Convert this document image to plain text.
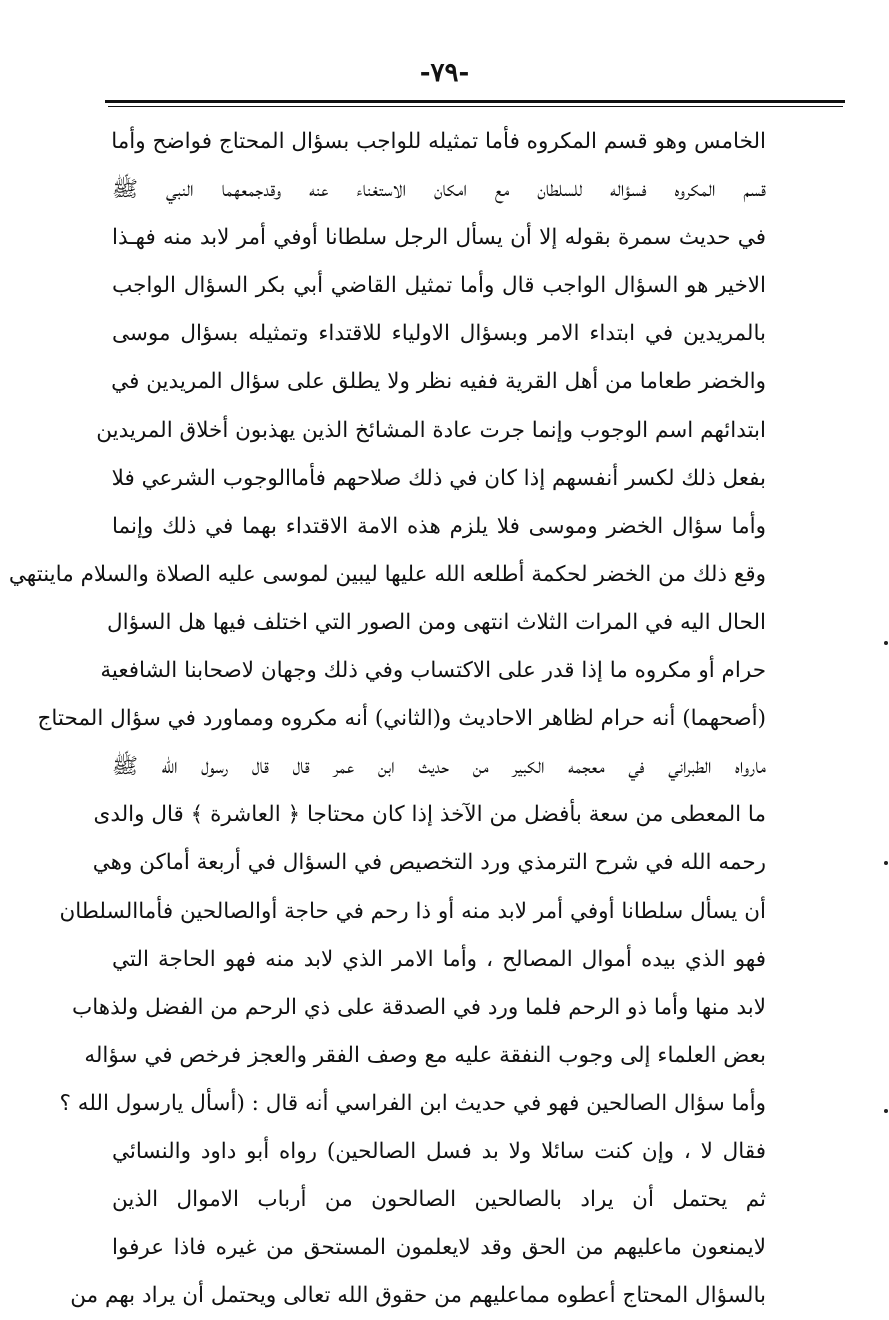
-٧٩-
الخامس وهو قسم المكروه فأما تمثيله للواجب بسؤال المحتاج فواضح وأما
قسم المكروه فسؤاله للسلطان مع امكان الاستغناء عنه وقدجمعهما النبي ﷺ
في حديث سمرة بقوله إلا أن يسأل الرجل سلطانا أوفي أمر لابد منه فهـذا
الاخير هو السؤال الواجب قال وأما تمثيل القاضي أبي بكر السؤال الواجب
بالمريدين في ابتداء الامر وبسؤال الاولياء للاقتداء وتمثيله بسؤال موسى
والخضر طعاما من أهل القرية ففيه نظر ولا يطلق على سؤال المريدين في
ابتدائهم اسم الوجوب وإنما جرت عادة المشائخ الذين يهذبون أخلاق المريدين
بفعل ذلك لكسر أنفسهم إذا كان في ذلك صلاحهم فأماالوجوب الشرعي فلا
وأما سؤال الخضر وموسى فلا يلزم هذه الامة الاقتداء بهما في ذلك وإنما
وقع ذلك من الخضر لحكمة أطلعه الله عليها ليبين لموسى عليه الصلاة والسلام ماينتهي
الحال اليه في المرات الثلاث انتهى ومن الصور التي اختلف فيها هل السؤال
حرام أو مكروه ما إذا قدر على الاكتساب وفي ذلك وجهان لاصحابنا الشافعية
(أصحهما) أنه حرام لظاهر الاحاديث و(الثاني) أنه مكروه ومماورد في سؤال المحتاج
مارواه الطبراني في معجمه الكبير من حديث ابن عمر قال قال رسول الله ﷺ
ما المعطى من سعة بأفضل من الآخذ إذا كان محتاجا ﴿ العاشرة ﴾ قال والدى
رحمه الله في شرح الترمذي ورد التخصيص في السؤال في أربعة أماكن وهي
أن يسأل سلطانا أوفي أمر لابد منه أو ذا رحم في حاجة أوالصالحين فأماالسلطان
فهو الذي بيده أموال المصالح ، وأما الامر الذي لابد منه فهو الحاجة التي
لابد منها وأما ذو الرحم فلما ورد في الصدقة على ذي الرحم من الفضل ولذهاب
بعض العلماء إلى وجوب النفقة عليه مع وصف الفقر والعجز فرخص في سؤاله
وأما سؤال الصالحين فهو في حديث ابن الفراسي أنه قال : (أسأل يارسول الله ؟
فقال لا ، وإن كنت سائلا ولا بد فسل الصالحين) رواه أبو داود والنسائي
ثم يحتمل أن يراد بالصالحين الصالحون من أرباب الاموال الذين
لايمنعون ماعليهم من الحق وقد لايعلمون المستحق من غيره فاذا عرفوا
بالسؤال المحتاج أعطوه مماعليهم من حقوق الله تعالى ويحتمل أن يراد بهم من
